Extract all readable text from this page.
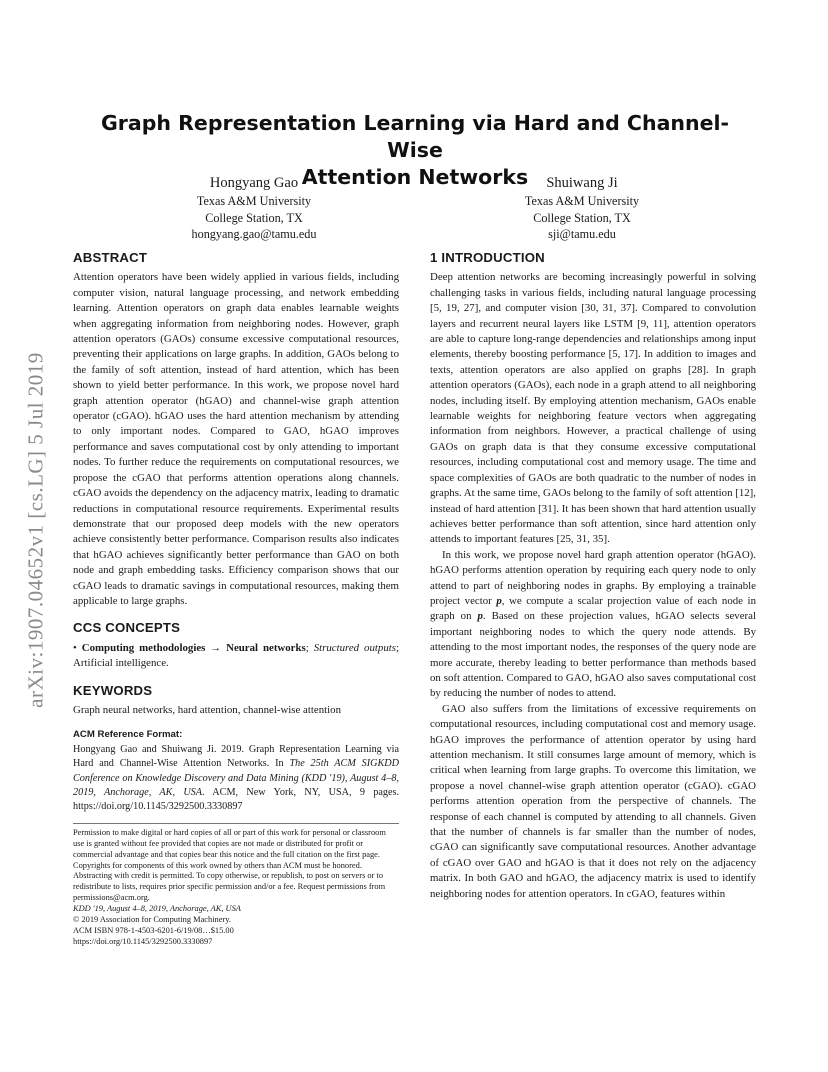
arXiv:1907.04652v1 [cs.LG] 5 Jul 2019
Graph Representation Learning via Hard and Channel-Wise
Attention Networks
Hongyang Gao
Texas A&M University
College Station, TX
hongyang.gao@tamu.edu
Shuiwang Ji
Texas A&M University
College Station, TX
sji@tamu.edu
ABSTRACT

Attention operators have been widely applied in various fields, including computer vision, natural language processing, and network embedding learning. Attention operators on graph data enables learnable weights when aggregating information from neighboring nodes. However, graph attention operators (GAOs) consume excessive computational resources, preventing their applications on large graphs. In addition, GAOs belong to the family of soft attention, instead of hard attention, which has been shown to yield better performance. In this work, we propose novel hard graph attention operator (hGAO) and channel-wise graph attention operator (cGAO). hGAO uses the hard attention mechanism by attending to only important nodes. Compared to GAO, hGAO improves performance and saves computational cost by only attending to important nodes. To further reduce the requirements on computational resources, we propose the cGAO that performs attention operations along channels. cGAO avoids the dependency on the adjacency matrix, leading to dramatic reductions in computational resource requirements. Experimental results demonstrate that our proposed deep models with the new operators achieve consistently better performance. Comparison results also indicates that hGAO achieves significantly better performance than GAO on both node and graph embedding tasks. Efficiency comparison shows that our cGAO leads to dramatic savings in computational resources, making them applicable to large graphs.

CCS CONCEPTS

• Computing methodologies → Neural networks; Structured outputs; Artificial intelligence.

KEYWORDS

Graph neural networks, hard attention, channel-wise attention

ACM Reference Format:

Hongyang Gao and Shuiwang Ji. 2019. Graph Representation Learning via Hard and Channel-Wise Attention Networks. In The 25th ACM SIGKDD Conference on Knowledge Discovery and Data Mining (KDD '19), August 4–8, 2019, Anchorage, AK, USA. ACM, New York, NY, USA, 9 pages. https://doi.org/10.1145/3292500.3330897

Permission to make digital or hard copies of all or part of this work for personal or classroom use is granted without fee provided that copies are not made or distributed for profit or commercial advantage and that copies bear this notice and the full citation on the first page. Copyrights for components of this work owned by others than ACM must be honored. Abstracting with credit is permitted. To copy otherwise, or republish, to post on servers or to redistribute to lists, requires prior specific permission and/or a fee. Request permissions from permissions@acm.org.

KDD '19, August 4–8, 2019, Anchorage, AK, USA

© 2019 Association for Computing Machinery.

ACM ISBN 978-1-4503-6201-6/19/08…$15.00

https://doi.org/10.1145/3292500.3330897

1 INTRODUCTION

Deep attention networks are becoming increasingly powerful in solving challenging tasks in various fields, including natural language processing [5, 19, 27], and computer vision [30, 31, 37]. Compared to convolution layers and recurrent neural layers like LSTM [9, 11], attention operators are able to capture long-range dependencies and relationships among input elements, thereby boosting performance [5, 17]. In addition to images and texts, attention operators are also applied on graphs [28]. In graph attention operators (GAOs), each node in a graph attend to all neighboring nodes, including itself. By employing attention mechanism, GAOs enable learnable weights for neighboring feature vectors when aggregating information from neighbors. However, a practical challenge of using GAOs on graph data is that they consume excessive computational resources, including computational cost and memory usage. The time and space complexities of GAOs are both quadratic to the number of nodes in graphs. At the same time, GAOs belong to the family of soft attention [12], instead of hard attention [31]. It has been shown that hard attention usually achieves better performance than soft attention, since hard attention only attends to important features [25, 31, 35].

In this work, we propose novel hard graph attention operator (hGAO). hGAO performs attention operation by requiring each query node to only attend to part of neighboring nodes in graphs. By employing a trainable project vector p, we compute a scalar projection value of each node in graph on p. Based on these projection values, hGAO selects several important neighboring nodes to which the query node attends. By attending to the most important nodes, the responses of the query node are more accurate, thereby leading to better performance than methods based on soft attention. Compared to GAO, hGAO also saves computational cost by reducing the number of nodes to attend.

GAO also suffers from the limitations of excessive requirements on computational resources, including computational cost and memory usage. hGAO improves the performance of attention operator by using hard attention mechanism. It still consumes large amount of memory, which is critical when learning from large graphs. To overcome this limitation, we propose a novel channel-wise graph attention operator (cGAO). cGAO performs attention operation from the perspective of channels. The response of each channel is computed by attending to all channels. Given that the number of channels is far smaller than the number of nodes, cGAO can significantly save computational resources. Another advantage of cGAO over GAO and hGAO is that it does not rely on the adjacency matrix. In both GAO and hGAO, the adjacency matrix is used to identify neighboring nodes for attention operators. In cGAO, features within
